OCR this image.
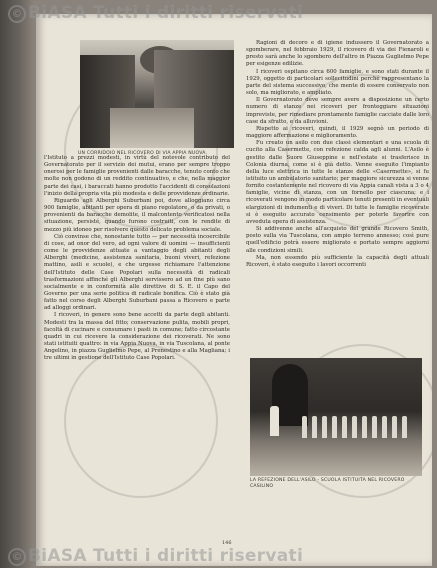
© BiASA Tutti i diritti riservati
UN CORRIDOIO NEL RICOVERO DI VIA APPIA NUOVA.

l'Istituto a prezzi modesti, in virtù del notevole contributo del Governatorato per il servizio dei mutui, erano per sempre troppo onerosi per le famiglie provenienti dalle baracche, tenuto conto che molte non godono di un reddito continuativo, e che, nella maggior parte dei casi, i baraccati hanno prodotto l'accidenti di consolazioni l'inizio della propria vita più modesta e delle provvidenze ordinarie.

Riguardo agli Alberghi Suburbani poi, dove alloggiano circa 900 famiglie, abitanti per opera di piano regolatore, o da privati, o provenienti da baracche demolite, il malcontento verificatosi nella situazione, persisté, quando furono costruiti, con le rendite di mezzo più idoneo per risolvere questo delicato problema sociale.

Ciò convinse che, nonostante tutto — per necessità incoercibile di cose, ad onor del vero, ad ogni valore di uomini — insufficienti come le provvidenze attuate a vantaggio degli abitanti degli Alberghi (medicine, assistenza sanitaria, buoni viveri, refezione mattino, asili e scuole), e che urgesse richiamare l'attenzione dell'Istituto delle Case Popolari sulla necessità di radicali trasformazioni affinché gli Alberghi servissero ad un fine più sano socialmente e in conformità alle direttive di S. E. il Capo del Governo per una serie politica di radicale bonifica. Ciò è stato già fatto nel corso degli Alberghi Suburbani passa a Ricovero e parte ad alloggi ordinari.

I ricoveri, in genere sono bene accetti da parte degli abitanti. Modesti tra la massa del fitto; conservazione pulita, mobili propri, facoltà di cucinare e consumare i pasti in comune; fatto circostante quadri in cui ricevere la considerazione dei ricoverati. Ne sono stati istituiti quattro: in via Appia Nuova, in via Tuscolana, al ponte Angelino, in piazza Guglielmo Pepe, al Prenestino e alla Magliana; i tre ultimi in gestione dell'Istituto Case Popolari.

Ragioni di decoro e di igiene indussero il Governatorato a sgomberare, nel febbraio 1929, il ricovero di via dei Fienaroli e presto sarà anche lo sgombero dell'altro in Piazza Guglielmo Pepe per esigenze edilizie.

I ricoveri ospitano circa 600 famiglie, e sono stati durante il 1929, oggetto di particolari sollecitudini perché rappresentano la parte del sistema successivo, che mente di essere conservato non solo, ma migliorato, e ampliato.

Il Governatorato deve sempre avere a disposizione un certo numero di stanze nei ricoveri per fronteggiare situazioni impreviste, per rimediare prontamente famiglie cacciate dalle loro case da sfratto, e da alluvioni.

Rispetto ai ricoveri, quindi, il 1929 segnò un periodo di maggiore affermazione e miglioramento.

Fu creato un asilo con due classi elementari e una scuola di cucito alla Casermette, con refezione calda agli alunni. L'Asilo è gestito dalle Suore Giuseppine e nell'estate si trasferisce in Colonia diurna, come si è già detto. Venne eseguito l'impianto della luce elettrica in tutte le stanze delle «Casermette», si fu istituito un ambulatorio sanitario; per maggiore sicurezza si venne fornito costantemente nel ricovero di via Appia canali vista a 3 o 4 famiglie, vicine di stanza, con un fornello per ciascuna; e i ricoverati vengono in modo particolare tenuti presenti in eventuali elargizioni di indumenti e di viveri. Di tutte le famiglie ricoverate si è eseguito accurato censimento per poterle favorire con avveduta opera di assistenza.

Si addivenne anche all'acquisto del grande Ricovero Smith, posto sulla via Tuscolana, con ampio terreno annesso; così pure quell'edificio potrà essere migliorato e portato sempre aggiorni alle condizioni simili.

Ma, non essendo più sufficiente la capacità degli attuali Ricoveri, è stato eseguito i lavori occorrenti

LA REFEZIONE DELL'ASILO - SCUOLA ISTITUITA NEL RICOVERO CASILINO
146
© BiASA Tutti i diritti riservati
